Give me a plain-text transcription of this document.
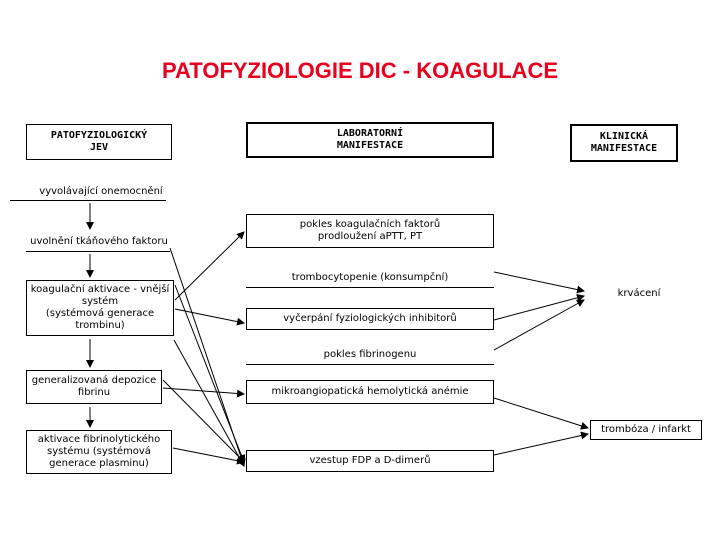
PATOFYZIOLOGIE DIC - KOAGULACE
PATOFYZIOLOGICKÝ
JEV
LABORATORNÍ
MANIFESTACE
KLINICKÁ
MANIFESTACE
vyvolávající onemocnění
uvolnění tkáňového faktoru
koagulační aktivace - vnější
systém
(systémová generace
trombinu)
generalizovaná depozice
fibrinu
aktivace fibrinolytického
systému (systémová
generace plasminu)
pokles koagulačních faktorů
prodloužení aPTT, PT
trombocytopenie (konsumpční)
vyčerpání fyziologických inhibitorů
pokles fibrinogenu
mikroangiopatická hemolytická anémie
vzestup FDP a D-dimerů
krvácení
trombóza / infarkt
